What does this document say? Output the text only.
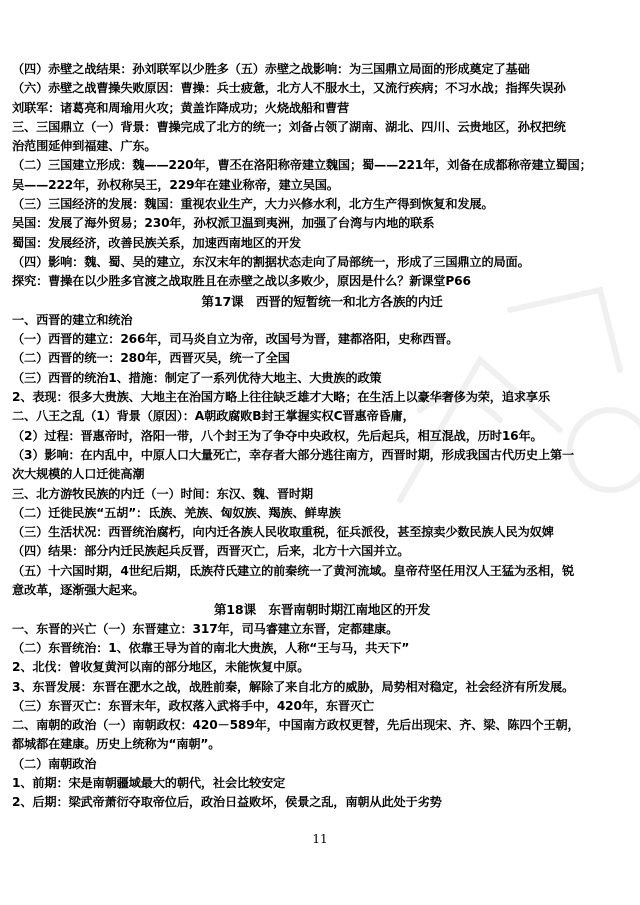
（四）赤壁之战结果：孙刘联军以少胜多（五）赤壁之战影响：为三国鼎立局面的形成奠定了基础
（六）赤壁之战曹操失败原因：曹操：兵士疲惫，北方人不服水土，又流行疾病；不习水战；指挥失误孙
刘联军：诸葛亮和周瑜用火攻；黄盖诈降成功；火烧战船和曹营
三、三国鼎立（一）背景：曹操完成了北方的统一；刘备占领了湖南、湖北、四川、云贵地区，孙权把统
治范围延伸到福建、广东。
（二）三国建立形成：魏——220年，曹丕在洛阳称帝建立魏国；蜀——221年，刘备在成都称帝建立蜀国；
吴——222年，孙权称吴王，229年在建业称帝，建立吴国。
（三）三国经济的发展：魏国：重视农业生产，大力兴修水利，北方生产得到恢复和发展。
吴国：发展了海外贸易；230年，孙权派卫温到夷洲，加强了台湾与内地的联系
蜀国：发展经济，改善民族关系，加速西南地区的开发
（四）影响：魏、蜀、吴的建立，东汉末年的割据状态走向了局部统一，形成了三国鼎立的局面。
探究：曹操在以少胜多官渡之战取胜且在赤壁之战以多败少，原因是什么？新课堂P66
第17课　西晋的短暂统一和北方各族的内迁
一、西晋的建立和统治
（一）西晋的建立：266年，司马炎自立为帝，改国号为晋，建都洛阳，史称西晋。
（二）西晋的统一：280年，西晋灭吴，统一了全国
（三）西晋的统治1、措施：制定了一系列优待大地主、大贵族的政策
2、表现：很多大贵族、大地主在治国方略上往往缺乏雄才大略；在生活上以豪华奢侈为荣，追求享乐
二、八王之乱（1）背景（原因）：A朝政腐败B封王掌握实权C晋惠帝昏庸，
（2）过程：晋惠帝时，洛阳一带，八个封王为了争夺中央政权，先后起兵，相互混战，历时16年。
（3）影响：在内乱中，中原人口大量死亡，幸存者大部分逃往南方，西晋时期，形成我国古代历史上第一
次大规模的人口迁徙高潮
三、北方游牧民族的内迁（一）时间：东汉、魏、晋时期
（二）迁徙民族“五胡”：氐族、羌族、匈奴族、羯族、鲜卑族
（三）生活状况：西晋统治腐朽，向内迁各族人民收取重税，征兵派役，甚至掠卖少数民族人民为奴婢
（四）结果：部分内迁民族起兵反晋，西晋灭亡，后来，北方十六国并立。
（五）十六国时期，4世纪后期，氐族苻氏建立的前秦统一了黄河流域。皇帝苻坚任用汉人王猛为丞相，锐
意改革，逐渐强大起来。
第18课　东晋南朝时期江南地区的开发
一、东晋的兴亡（一）东晋建立：317年，司马睿建立东晋，定都建康。
（二）东晋统治：1、依靠王导为首的南北大贵族，人称“王与马，共天下”
2、北伐：曾收复黄河以南的部分地区，未能恢复中原。
3、东晋发展：东晋在淝水之战，战胜前秦，解除了来自北方的威胁，局势相对稳定，社会经济有所发展。
（三）东晋灭亡：东晋末年，政权落入武将手中，420年，东晋灭亡
二、南朝的政治（一）南朝政权：420－589年，中国南方政权更替，先后出现宋、齐、梁、陈四个王朝，
都城都在建康。历史上统称为“南朝”。
（二）南朝政治
1、前期：宋是南朝疆域最大的朝代，社会比较安定
2、后期：梁武帝萧衍夺取帝位后，政治日益败坏，侯景之乱，南朝从此处于劣势
11
